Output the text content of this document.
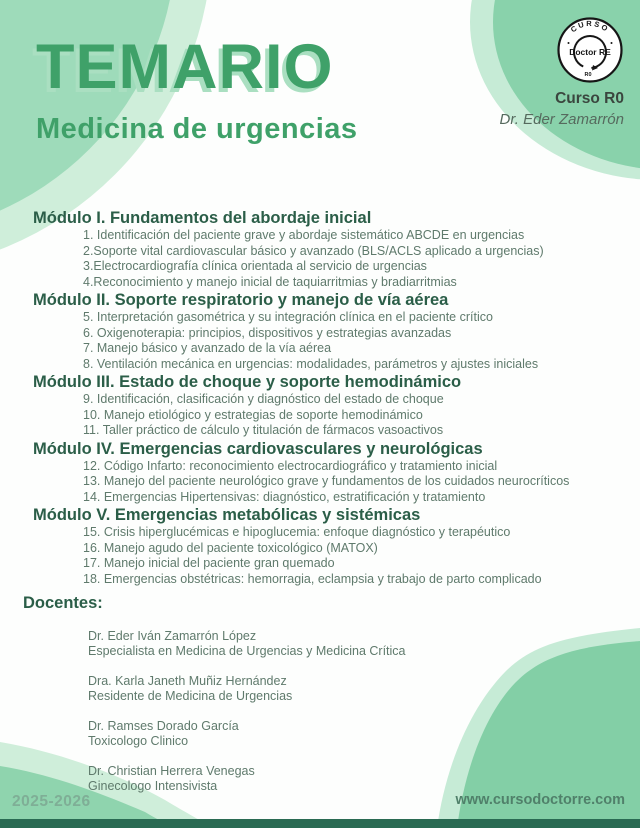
TEMARIO
Medicina de urgencias
CURSO
Doctor RE
R0
Curso R0
Dr. Eder Zamarrón
Módulo I. Fundamentos del abordaje inicial
1. Identificación del paciente grave y abordaje sistemático ABCDE en urgencias
2.Soporte vital cardiovascular básico y avanzado (BLS/ACLS aplicado a urgencias)
3.Electrocardiografía clínica orientada al servicio de urgencias
4.Reconocimiento y manejo inicial de taquiarritmias y bradiarritmias
Módulo II. Soporte respiratorio y manejo de vía aérea
5. Interpretación gasométrica y su integración clínica en el paciente crítico
6. Oxigenoterapia: principios, dispositivos y estrategias avanzadas
7. Manejo básico y avanzado de la vía aérea
8. Ventilación mecánica en urgencias: modalidades, parámetros y ajustes iniciales
Módulo III. Estado de choque y soporte hemodinámico
9. Identificación, clasificación y diagnóstico del estado de choque
10. Manejo etiológico y estrategias de soporte hemodinámico
11. Taller práctico de cálculo y titulación de fármacos vasoactivos
Módulo IV. Emergencias cardiovasculares y neurológicas
12. Código Infarto: reconocimiento electrocardiográfico y tratamiento inicial
13. Manejo del paciente neurológico grave y fundamentos de los cuidados neurocríticos
14. Emergencias Hipertensivas: diagnóstico, estratificación y tratamiento
Módulo V. Emergencias metabólicas y sistémicas
15. Crisis hiperglucémicas e hipoglucemia: enfoque diagnóstico y terapéutico
16. Manejo agudo del paciente toxicológico (MATOX)
17. Manejo inicial del paciente gran quemado
18. Emergencias obstétricas: hemorragia, eclampsia y trabajo de parto complicado
Docentes:
Dr. Eder Iván Zamarrón López
Especialista en Medicina de Urgencias y Medicina Crítica
Dra. Karla Janeth Muñiz Hernández
Residente de Medicina de Urgencias
Dr. Ramses Dorado García
Toxicologo Clinico
Dr. Christian Herrera Venegas
Ginecologo Intensivista
2025-2026	www.cursodoctorre.com
